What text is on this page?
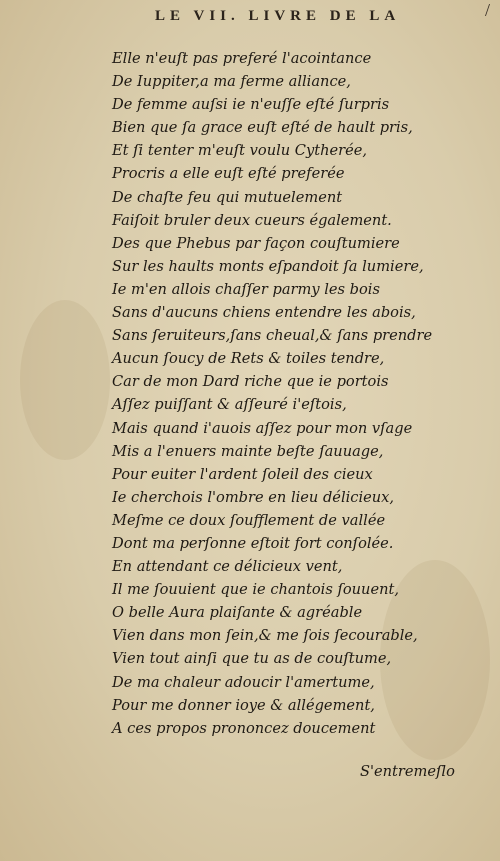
/
LE VII. LIVRE DE LA
Elle n'euſt pas preferé l'acointance
De Iuppiter,a ma ferme alliance,
De femme auſsi ie n'euſſe eſté ſurpris
Bien que ſa grace euſt eſté de hault pris,
Et ſi tenter m'euſt voulu Cytherée,
Procris a elle euſt eſté preferée
De chaſte feu qui mutuelement
Faiſoit bruler deux cueurs également.
Des que Phebus par façon couſtumiere
Sur les haults monts eſpandoit ſa lumiere,
Ie m'en allois chaſſer parmy les bois
Sans d'aucuns chiens entendre les abois,
Sans ſeruiteurs,ſans cheual,& ſans prendre
Aucun ſoucy de Rets & toiles tendre,
Car de mon Dard riche que ie portois
Aſſez puiſſant & aſſeuré i'eſtois,
Mais quand i'auois aſſez pour mon vſage
Mis a l'enuers mainte beſte ſauuage,
Pour euiter l'ardent ſoleil des cieux
Ie cherchois l'ombre en lieu délicieux,
Meſme ce doux ſoufflement de vallée
Dont ma perſonne eſtoit fort conſolée.
En attendant ce délicieux vent,
Il me ſouuient que ie chantois ſouuent,
O belle Aura plaiſante & agréable
Vien dans mon ſein,& me ſois ſecourable,
Vien tout ainſi que tu as de couſtume,
De ma chaleur adoucir l'amertume,
Pour me donner ioye & allégement,
A ces propos prononcez doucement
S'entremeſlo
